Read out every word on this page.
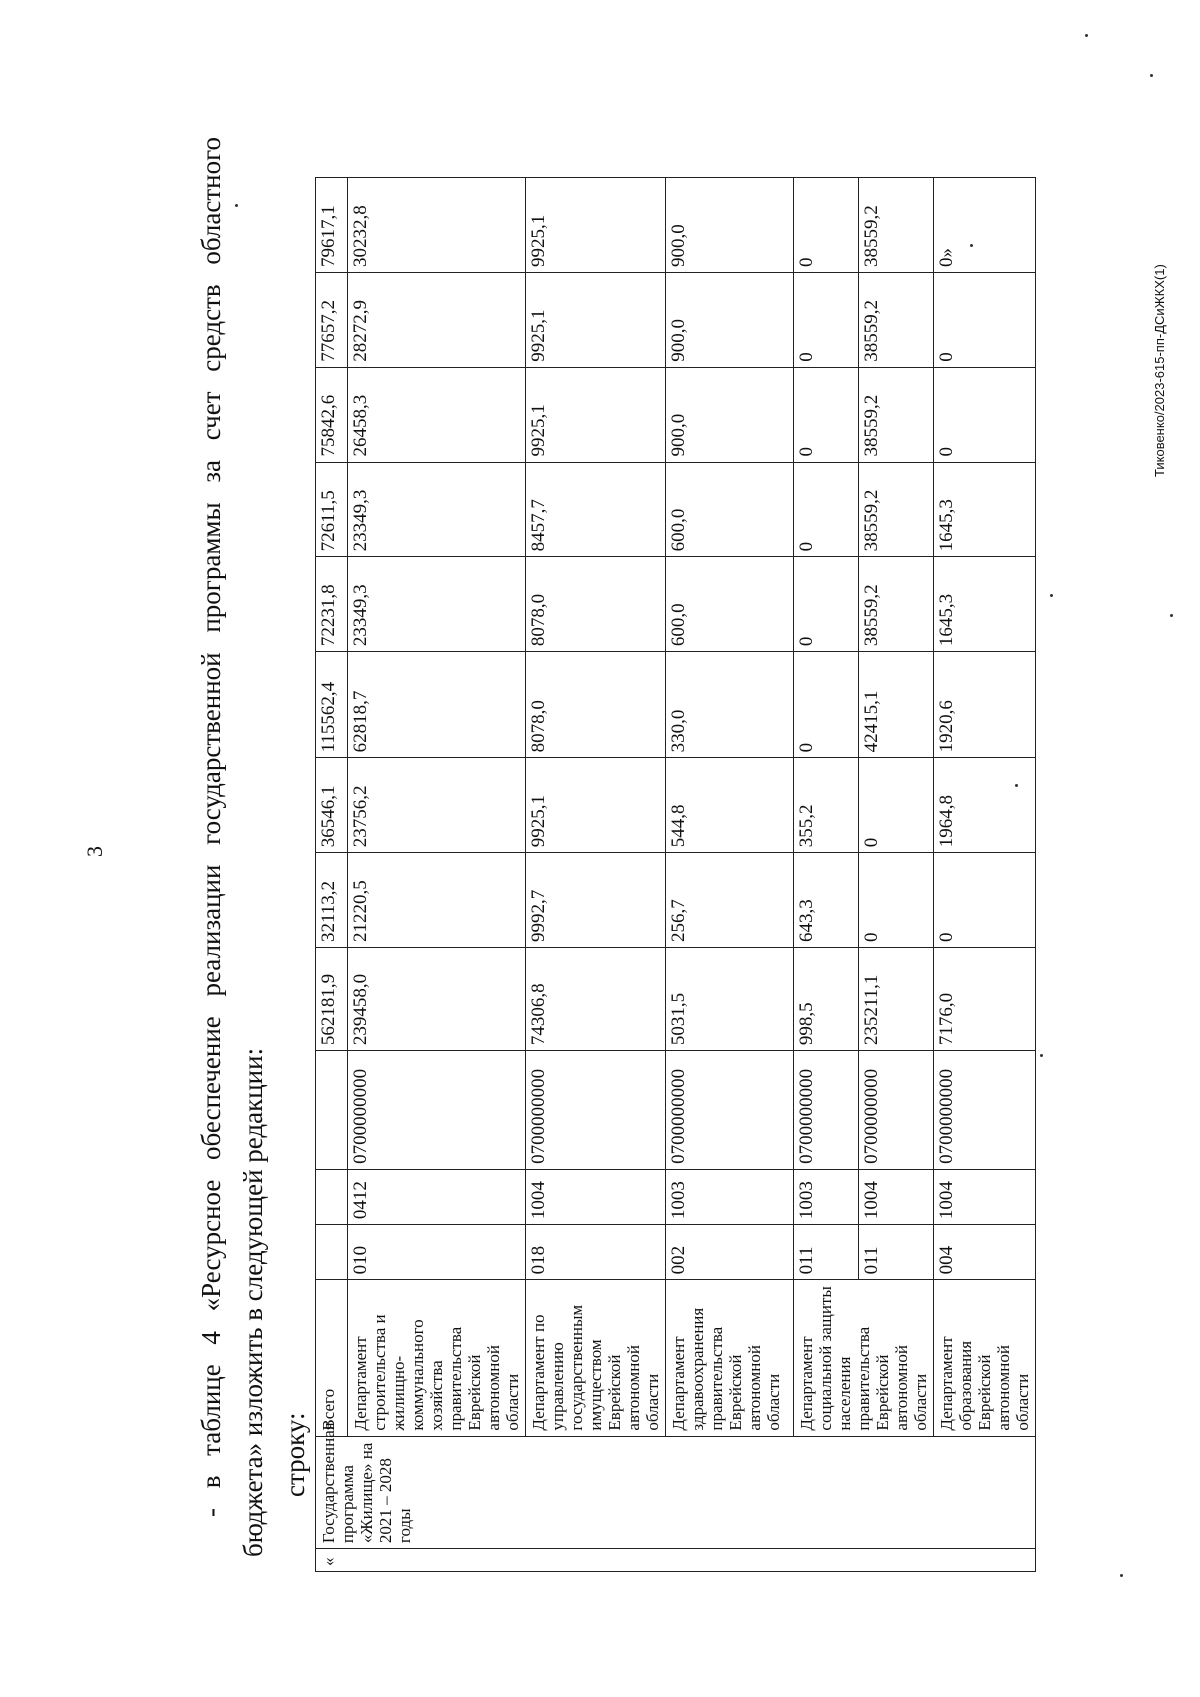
3	- в таблице 4 «Ресурсное обеспечение реализации государственной программы за счет средств областного бюджета» изложить в следующей редакции: строку:

«	Государственная программа «Жилище» на 2021 – 2028 годы	Всего				562181,9	32113,2	36546,1	115562,4	72231,8	72611,5	75842,6	77657,2	79617,1
		Департамент строительства и жилищно-коммунального хозяйства правительства Еврейской автономной области	010	0412	0700000000	239458,0	21220,5	23756,2	62818,7	23349,3	23349,3	26458,3	28272,9	30232,8
		Департамент по управлению государственным имуществом Еврейской автономной области	018	1004	0700000000	74306,8	9992,7	9925,1	8078,0	8078,0	8457,7	9925,1	9925,1	9925,1
		Департамент здравоохранения правительства Еврейской автономной области	002	1003	0700000000	5031,5	256,7	544,8	330,0	600,0	600,0	900,0	900,0	900,0
		Департамент социальной защиты населения правительства Еврейской автономной области	011	1003	0700000000	998,5	643,3	355,2	0	0	0	0	0	0
			011	1004	0700000000	235211,1	0	0	42415,1	38559,2	38559,2	38559,2	38559,2	38559,2
		Департамент образования Еврейской автономной области	004	1004	0700000000	7176,0	0	1964,8	1920,6	1645,3	1645,3	0	0	0»
Тиковенко/2023-615-пп-ДСиЖКХ(1)
